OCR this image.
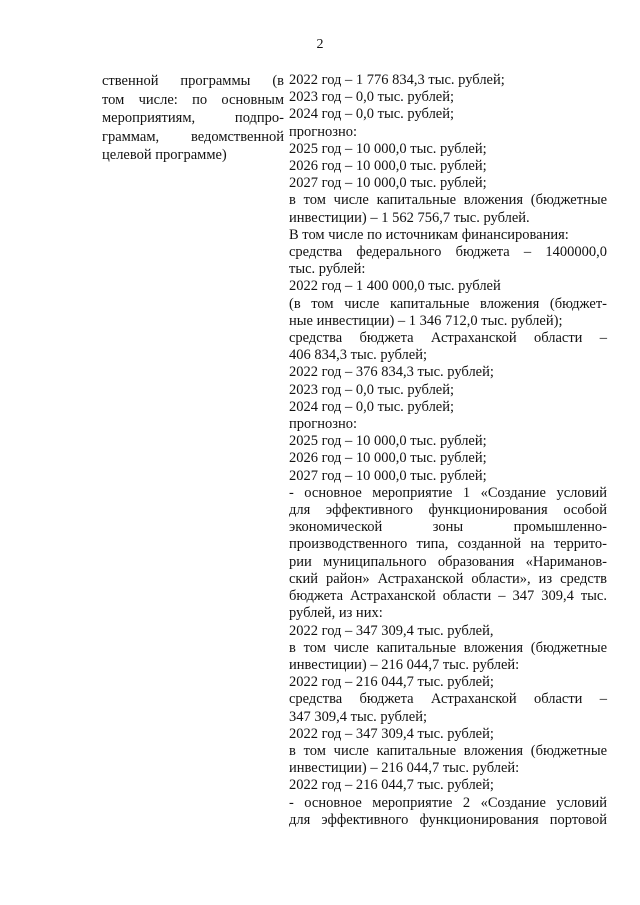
2
ственной программы (в
том числе: по основным
мероприятиям, подпро-
граммам, ведомственной
целевой программе)
2022 год – 1 776 834,3 тыс. рублей;
2023 год – 0,0 тыс. рублей;
2024 год – 0,0 тыс. рублей;
прогнозно:
2025 год – 10 000,0 тыс. рублей;
2026 год – 10 000,0 тыс. рублей;
2027 год – 10 000,0 тыс. рублей;
в том числе капитальные вложения (бюджетные
инвестиции) – 1 562 756,7 тыс. рублей.
В том числе по источникам финансирования:
средства федерального бюджета – 1400000,0
тыс. рублей:
2022 год – 1 400 000,0 тыс. рублей
(в том числе капитальные вложения (бюджет-
ные инвестиции) – 1 346 712,0 тыс. рублей);
средства бюджета Астраханской области –
406 834,3 тыс. рублей;
2022 год – 376 834,3 тыс. рублей;
2023 год – 0,0 тыс. рублей;
2024 год – 0,0 тыс. рублей;
прогнозно:
2025 год – 10 000,0 тыс. рублей;
2026 год – 10 000,0 тыс. рублей;
2027 год – 10 000,0 тыс. рублей;
- основное мероприятие 1 «Создание условий
для эффективного функционирования особой
экономической зоны промышленно-
производственного типа, созданной на террито-
рии муниципального образования «Нариманов-
ский район» Астраханской области», из средств
бюджета Астраханской области – 347 309,4 тыс.
рублей, из них:
2022 год – 347 309,4 тыс. рублей,
в том числе капитальные вложения (бюджетные
инвестиции) – 216 044,7 тыс. рублей:
2022 год – 216 044,7 тыс. рублей;
средства бюджета Астраханской области –
347 309,4 тыс. рублей;
2022 год – 347 309,4 тыс. рублей;
в том числе капитальные вложения (бюджетные
инвестиции) – 216 044,7 тыс. рублей:
2022 год – 216 044,7 тыс. рублей;
- основное мероприятие 2 «Создание условий
для эффективного функционирования портовой
